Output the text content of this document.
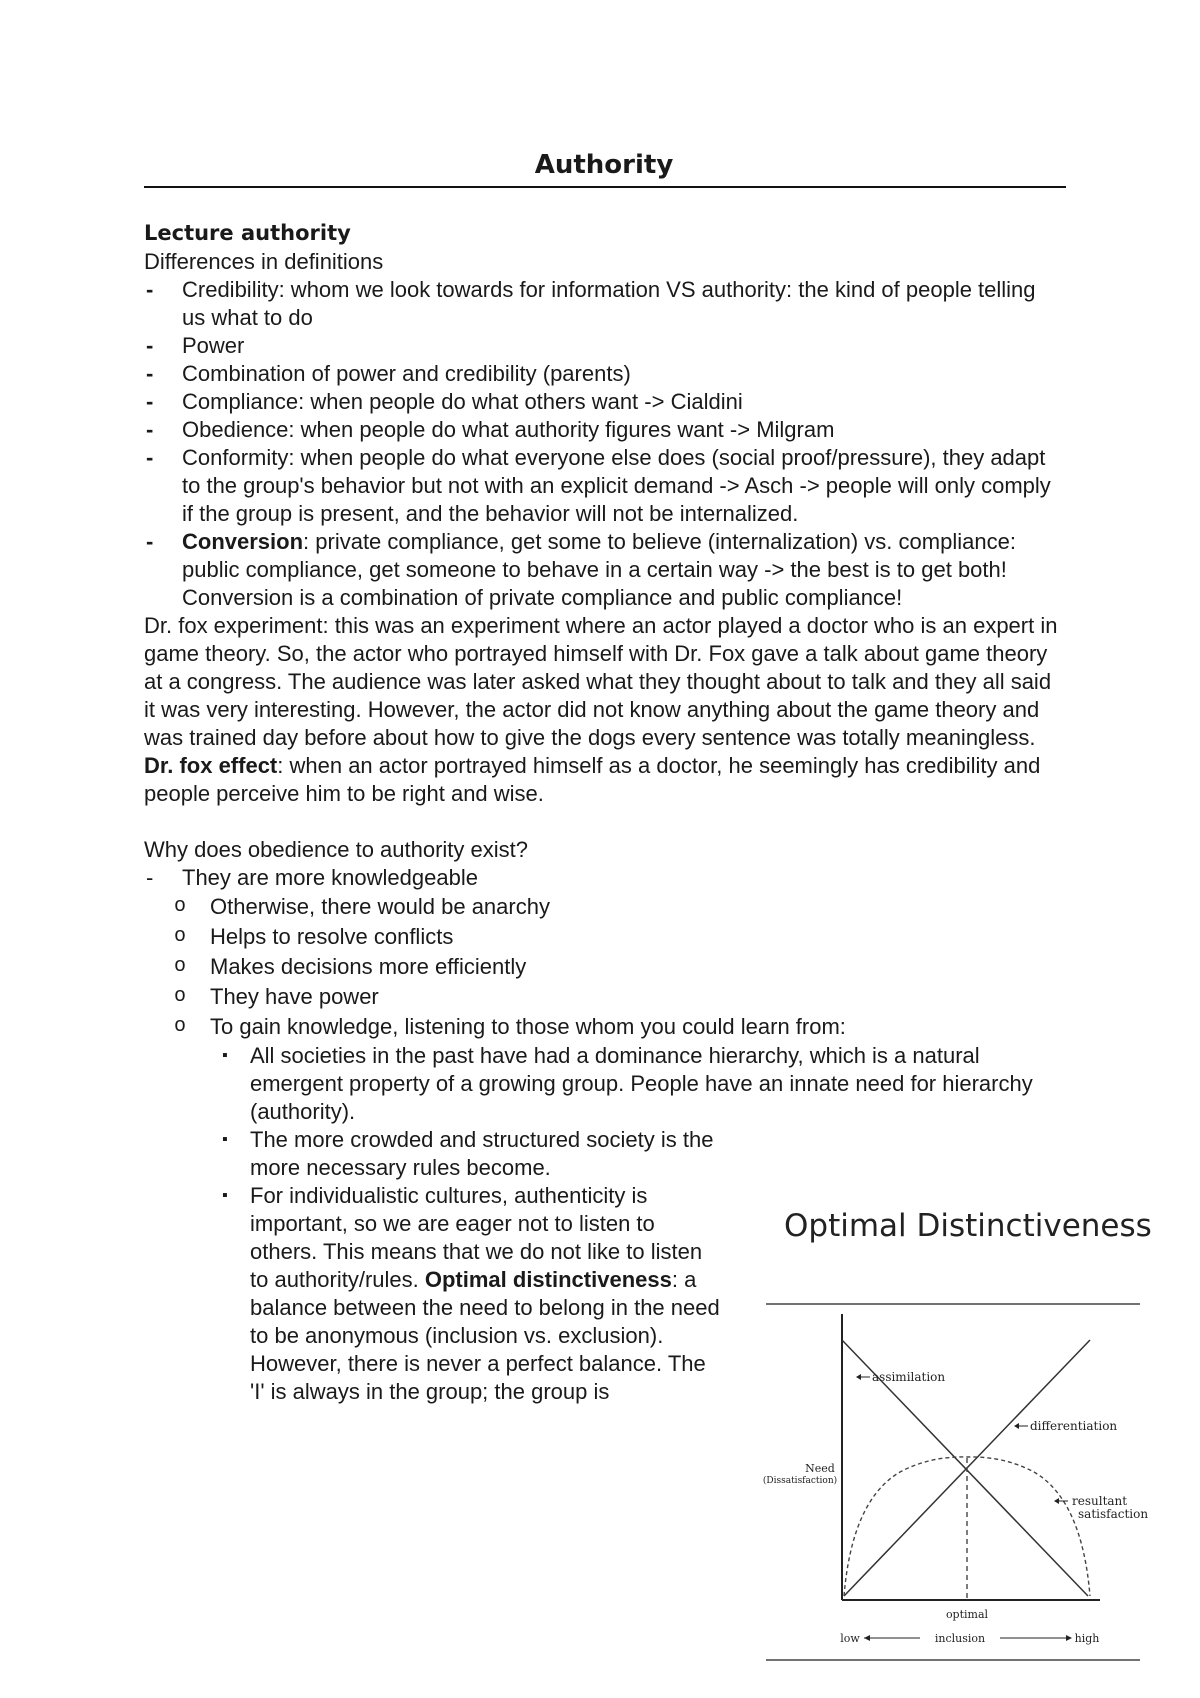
Authority

Lecture authority

Differences in definitions

- Credibility: whom we look towards for information VS authority: the kind of people telling us what to do
- Power
- Combination of power and credibility (parents)
- Compliance: when people do what others want -> Cialdini
- Obedience: when people do what authority figures want -> Milgram
- Conformity: when people do what everyone else does (social proof/pressure), they adapt to the group's behavior but not with an explicit demand -> Asch -> people will only comply if the group is present, and the behavior will not be internalized.
- Conversion: private compliance, get some to believe (internalization) vs. compliance: public compliance, get someone to behave in a certain way -> the best is to get both! Conversion is a combination of private compliance and public compliance!

Dr. fox experiment: this was an experiment where an actor played a doctor who is an expert in game theory. So, the actor who portrayed himself with Dr. Fox gave a talk about game theory at a congress. The audience was later asked what they thought about to talk and they all said it was very interesting. However, the actor did not know anything about the game theory and was trained day before about how to give the dogs every sentence was totally meaningless.

Dr. fox effect: when an actor portrayed himself as a doctor, he seemingly has credibility and people perceive him to be right and wise.

Why does obedience to authority exist?

- They are more knowledgeable
o Otherwise, there would be anarchy
o Helps to resolve conflicts
o Makes decisions more efficiently
o They have power
o To gain knowledge, listening to those whom you could learn from:
▪ All societies in the past have had a dominance hierarchy, which is a natural emergent property of a growing group. People have an innate need for hierarchy (authority).
▪ The more crowded and structured society is the more necessary rules become.
▪ For individualistic cultures, authenticity is important, so we are eager not to listen to others. This means that we do not like to listen to authority/rules. Optimal distinctiveness: a balance between the need to belong in the need to be anonymous (inclusion vs. exclusion). However, there is never a perfect balance. The 'I' is always in the group; the group is
Optimal Distinctiveness
assimilation
differentiation
resultant
satisfaction
Need
(Dissatisfaction)
optimal
low	inclusion	high
